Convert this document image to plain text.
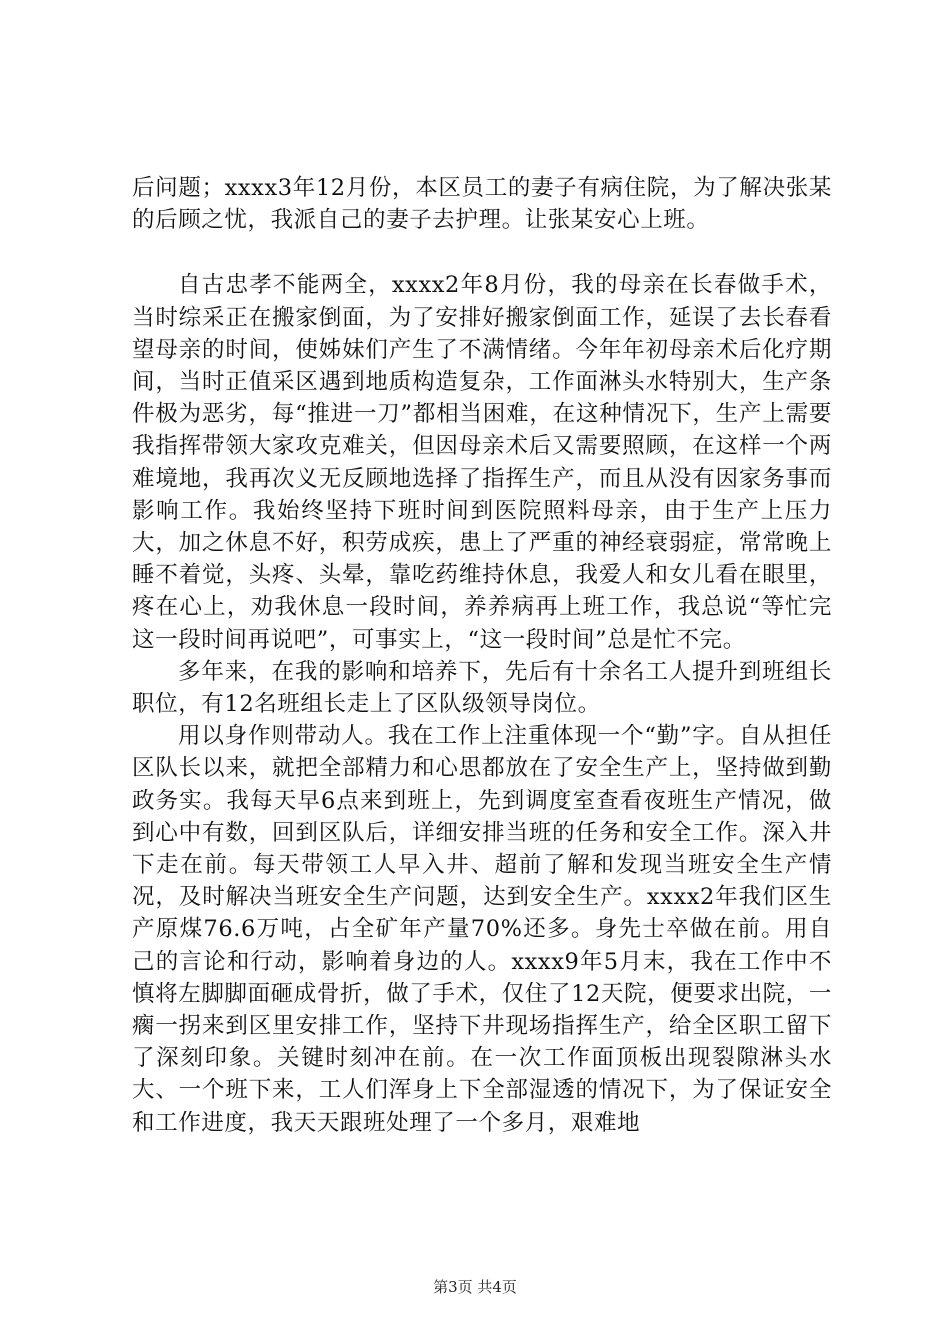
后问题；xxxx3年12月份，本区员工的妻子有病住院，为了解决张某的后顾之忧，我派自己的妻子去护理。让张某安心上班。

自古忠孝不能两全，xxxx2年8月份，我的母亲在长春做手术，当时综采正在搬家倒面，为了安排好搬家倒面工作，延误了去长春看望母亲的时间，使姊妹们产生了不满情绪。今年年初母亲术后化疗期间，当时正值采区遇到地质构造复杂，工作面淋头水特别大，生产条件极为恶劣，每“推进一刀”都相当困难，在这种情况下，生产上需要我指挥带领大家攻克难关，但因母亲术后又需要照顾，在这样一个两难境地，我再次义无反顾地选择了指挥生产，而且从没有因家务事而影响工作。我始终坚持下班时间到医院照料母亲，由于生产上压力大，加之休息不好，积劳成疾，患上了严重的神经衰弱症，常常晚上睡不着觉，头疼、头晕，靠吃药维持休息，我爱人和女儿看在眼里，疼在心上，劝我休息一段时间，养养病再上班工作，我总说“等忙完这一段时间再说吧”，可事实上，“这一段时间”总是忙不完。

多年来，在我的影响和培养下，先后有十余名工人提升到班组长职位，有12名班组长走上了区队级领导岗位。

用以身作则带动人。我在工作上注重体现一个“勤”字。自从担任区队长以来，就把全部精力和心思都放在了安全生产上，坚持做到勤政务实。我每天早6点来到班上，先到调度室查看夜班生产情况，做到心中有数，回到区队后，详细安排当班的任务和安全工作。深入井下走在前。每天带领工人早入井、超前了解和发现当班安全生产情况，及时解决当班安全生产问题，达到安全生产。xxxx2年我们区生产原煤76.6万吨，占全矿年产量70%还多。身先士卒做在前。用自己的言论和行动，影响着身边的人。xxxx9年5月末，我在工作中不慎将左脚脚面砸成骨折，做了手术，仅住了12天院，便要求出院，一瘸一拐来到区里安排工作，坚持下井现场指挥生产，给全区职工留下了深刻印象。关键时刻冲在前。在一次工作面顶板出现裂隙淋头水大、一个班下来，工人们浑身上下全部湿透的情况下，为了保证安全和工作进度，我天天跟班处理了一个多月，艰难地

第3页 共4页
